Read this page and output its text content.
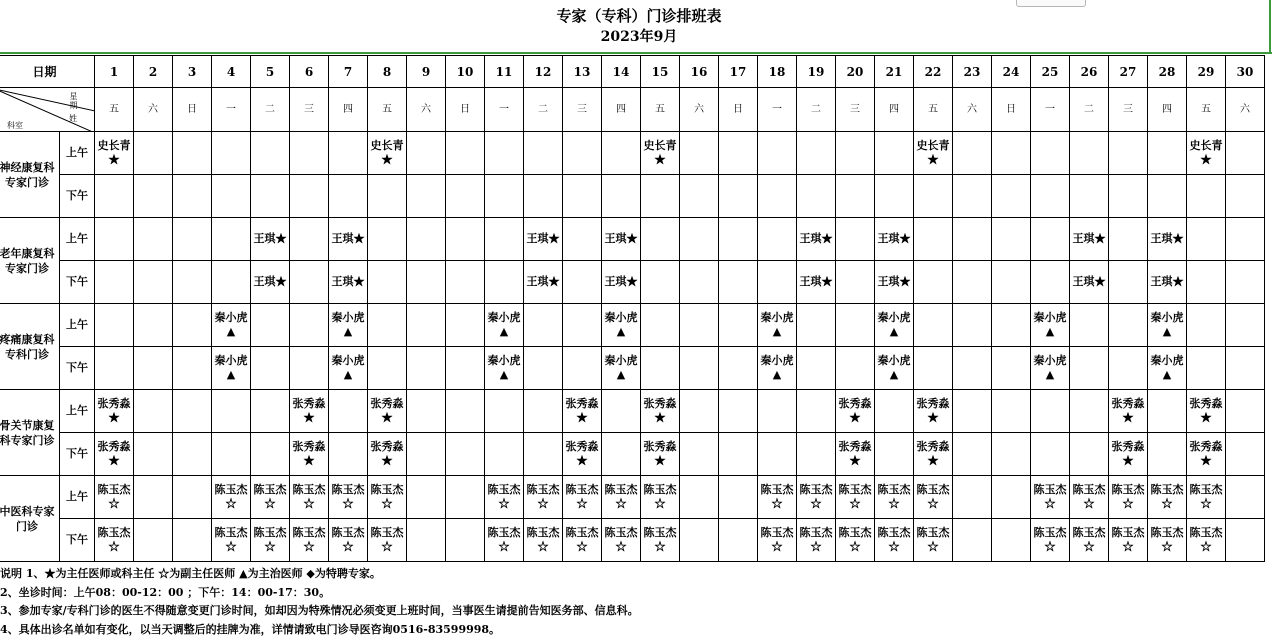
专家（专科）门诊排班表
2023年9月
日期		1	2	3	4	5	6	7	8	9	10	11	12	13	14	15	16	17	18	19	20	21	22	23	24	25	26	27	28	29	30

星期
姓
科室		五	六	日	一	二	三	四	五	六	日	一	二	三	四	五	六	日	一	二	三	四	五	六	日	一	二	三	四	五	六

神经康复科
专家门诊	上午	史长青★							史长青★							史长青★							史长青★							史长青★	
	下午																														

老年康复科
专家门诊	上午					王琪★		王琪★					王琪★		王琪★					王琪★		王琪★					王琪★		王琪★		
	下午					王琪★		王琪★					王琪★		王琪★					王琪★		王琪★					王琪★		王琪★		

疼痛康复科
专科门诊	上午				秦小虎▲			秦小虎▲				秦小虎▲			秦小虎▲				秦小虎▲			秦小虎▲				秦小虎▲			秦小虎▲		
	下午				秦小虎▲			秦小虎▲				秦小虎▲			秦小虎▲				秦小虎▲			秦小虎▲				秦小虎▲			秦小虎▲		

骨关节康复
科专家门诊	上午	张秀淼★					张秀淼★		张秀淼★					张秀淼★		张秀淼★					张秀淼★		张秀淼★					张秀淼★		张秀淼★	
	下午	张秀淼★					张秀淼★		张秀淼★					张秀淼★		张秀淼★					张秀淼★		张秀淼★					张秀淼★		张秀淼★	

中医科专家
门诊	上午	陈玉杰☆			陈玉杰☆	陈玉杰☆	陈玉杰☆	陈玉杰☆	陈玉杰☆			陈玉杰☆	陈玉杰☆	陈玉杰☆	陈玉杰☆	陈玉杰☆			陈玉杰☆	陈玉杰☆	陈玉杰☆	陈玉杰☆	陈玉杰☆			陈玉杰☆	陈玉杰☆	陈玉杰☆	陈玉杰☆	陈玉杰☆	
	下午	陈玉杰☆			陈玉杰☆	陈玉杰☆	陈玉杰☆	陈玉杰☆	陈玉杰☆			陈玉杰☆	陈玉杰☆	陈玉杰☆	陈玉杰☆	陈玉杰☆			陈玉杰☆	陈玉杰☆	陈玉杰☆	陈玉杰☆	陈玉杰☆			陈玉杰☆	陈玉杰☆	陈玉杰☆	陈玉杰☆	陈玉杰☆	
说明 1、★为主任医师或科主任 ☆为副主任医师 ▲为主治医师 ◆为特聘专家。
2、坐诊时间：上午08：00-12：00 ；下午：14：00-17：30。
3、参加专家/专科门诊的医生不得随意变更门诊时间，如却因为特殊情况必须变更上班时间，当事医生请提前告知医务部、信息科。
4、具体出诊名单如有变化，以当天调整后的挂牌为准，详情请致电门诊导医咨询0516-83599998。
